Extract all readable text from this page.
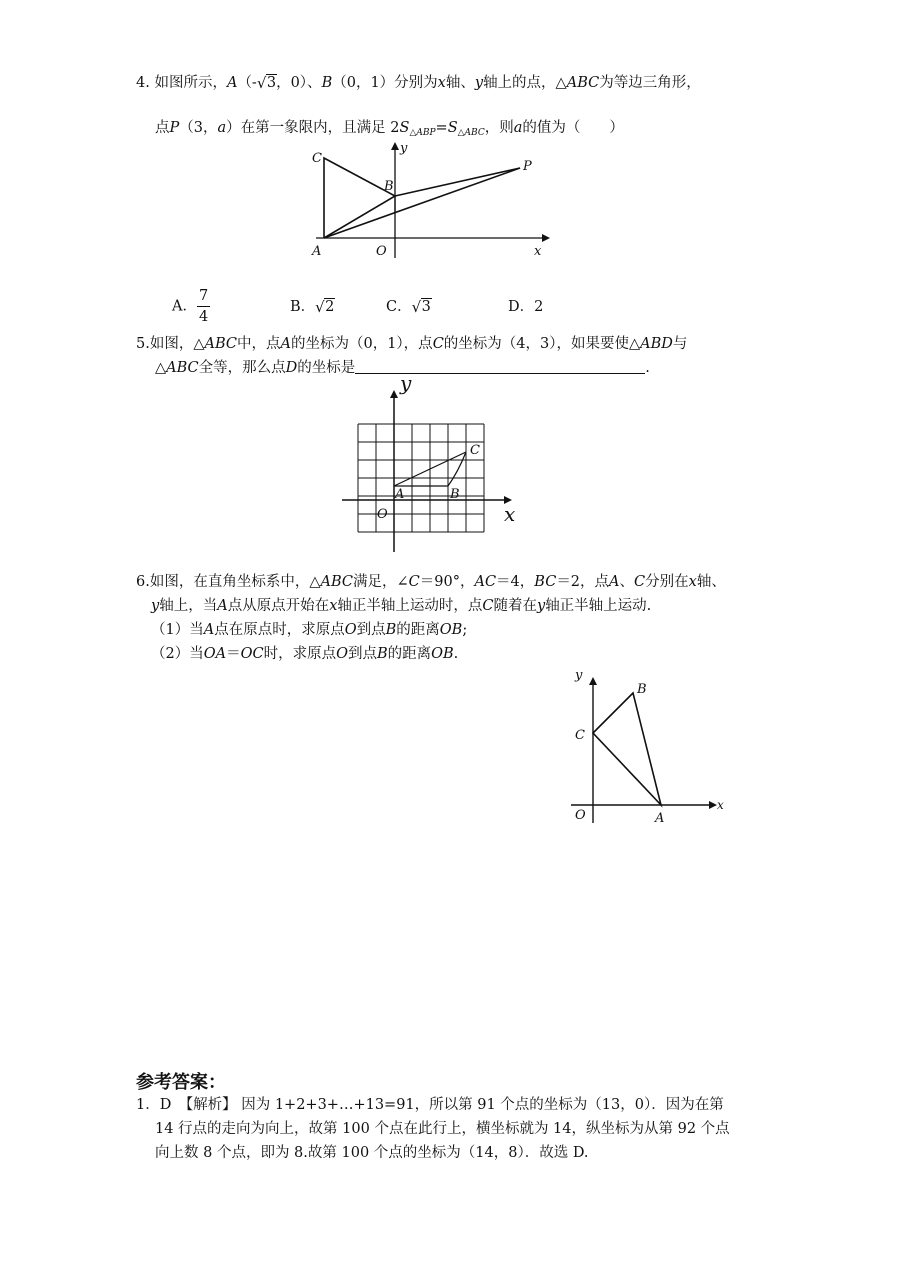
4. 如图所示，A（- √ 3，0）、B（0，1）分别为x轴、y轴上的点，△ABC为等边三角形，
点P（3，a）在第一象限内，且满足 $2S_{\triangle ABP}=S_{\triangle ABC}$，则a的值为（　　）
C
y
B
P
A	O	x
A． $\frac{7}{4}$	B． √ 2	C． √ 3	D．2
5.如图，△ABC中，点A的坐标为（0，1），点C的坐标为（4，3），如果要使△ABD与
△ABC全等，那么点D的坐标是	.
y
C
A	B
O	x
6.如图，在直角坐标系中，△ABC满足，∠C＝90°，AC＝4，BC＝2，点A、C分别在x轴、
y轴上，当A点从原点开始在x轴正半轴上运动时，点C随着在y轴正半轴上运动.
（1）当A点在原点时，求原点O到点B的距离OB;
（2）当OA＝OC时，求原点O到点B的距离OB.
y
B
C
O	A
x
参考答案：
1．D　【解析】 因为 1+2+3+…+13=91，所以第 91 个点的坐标为（13，0）．因为在第
14 行点的走向为向上，故第 100 个点在此行上，横坐标就为 14，纵坐标为从第 92 个点
向上数 8 个点，即为 8.故第 100 个点的坐标为（14，8）．故选 D.
